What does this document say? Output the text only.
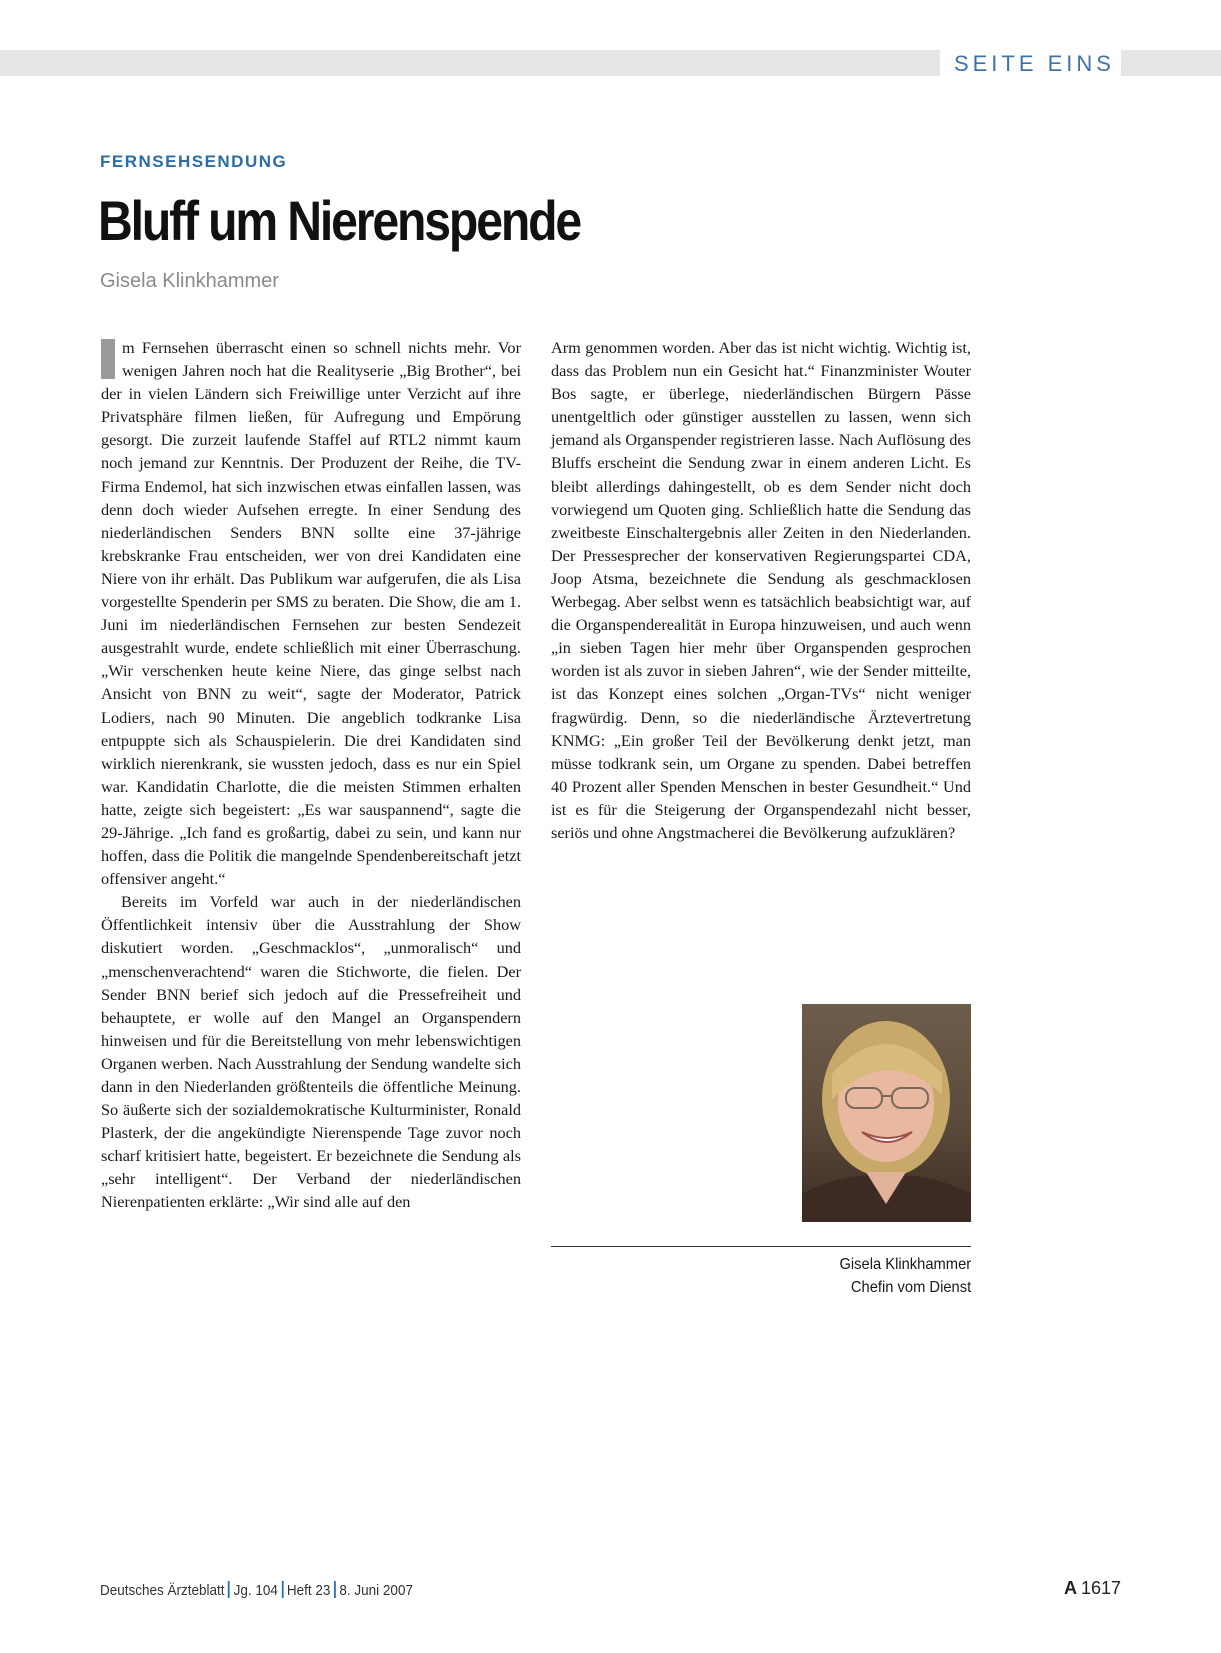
SEITE EINS
FERNSEHSENDUNG
Bluff um Nierenspende
Gisela Klinkhammer

m Fernsehen überrascht einen so schnell nichts mehr. Vor wenigen Jahren noch hat die Realityserie „Big Brother“, bei der in vielen Ländern sich Freiwillige unter Verzicht auf ihre Privatsphäre filmen ließen, für Aufregung und Empörung gesorgt. Die zurzeit laufende Staffel auf RTL2 nimmt kaum noch jemand zur Kenntnis. Der Produzent der Reihe, die TV-Firma Endemol, hat sich inzwischen etwas einfallen lassen, was denn doch wieder Aufsehen erregte. In einer Sendung des niederländischen Senders BNN sollte eine 37-jährige krebskranke Frau entscheiden, wer von drei Kandidaten eine Niere von ihr erhält. Das Publikum war aufgerufen, die als Lisa vorgestellte Spenderin per SMS zu beraten. Die Show, die am 1. Juni im niederländischen Fernsehen zur besten Sendezeit ausgestrahlt wurde, endete schließlich mit einer Überraschung. „Wir verschenken heute keine Niere, das ginge selbst nach Ansicht von BNN zu weit“, sagte der Moderator, Patrick Lodiers, nach 90 Minuten. Die angeblich todkranke Lisa entpuppte sich als Schauspielerin. Die drei Kandidaten sind wirklich nierenkrank, sie wussten jedoch, dass es nur ein Spiel war. Kandidatin Charlotte, die die meisten Stimmen erhalten hatte, zeigte sich begeistert: „Es war sauspannend“, sagte die 29-Jährige. „Ich fand es großartig, dabei zu sein, und kann nur hoffen, dass die Politik die mangelnde Spendenbereitschaft jetzt offensiver angeht.“

Bereits im Vorfeld war auch in der niederländischen Öffentlichkeit intensiv über die Ausstrahlung der Show diskutiert worden. „Geschmacklos“, „unmoralisch“ und „menschenverachtend“ waren die Stichworte, die fielen. Der Sender BNN berief sich jedoch auf die Pressefreiheit und behauptete, er wolle auf den Mangel an Organspendern hinweisen und für die Bereitstellung von mehr lebenswichtigen Organen werben. Nach Ausstrahlung der Sendung wandelte sich dann in den Niederlanden größtenteils die öffentliche Meinung. So äußerte sich der sozialdemokratische Kulturminister, Ronald Plasterk, der die angekündigte Nierenspende Tage zuvor noch scharf kritisiert hatte, begeistert. Er bezeichnete die Sendung als „sehr intelligent“. Der Verband der niederländischen Nierenpatienten erklärte: „Wir sind alle auf den

Arm genommen worden. Aber das ist nicht wichtig. Wichtig ist, dass das Problem nun ein Gesicht hat.“ Finanzminister Wouter Bos sagte, er überlege, niederländischen Bürgern Pässe unentgeltlich oder günstiger ausstellen zu lassen, wenn sich jemand als Organspender registrieren lasse. Nach Auflösung des Bluffs erscheint die Sendung zwar in einem anderen Licht. Es bleibt allerdings dahingestellt, ob es dem Sender nicht doch vorwiegend um Quoten ging. Schließlich hatte die Sendung das zweitbeste Einschaltergebnis aller Zeiten in den Niederlanden. Der Pressesprecher der konservativen Regierungspartei CDA, Joop Atsma, bezeichnete die Sendung als geschmacklosen Werbegag. Aber selbst wenn es tatsächlich beabsichtigt war, auf die Organspenderealität in Europa hinzuweisen, und auch wenn „in sieben Tagen hier mehr über Organspenden gesprochen worden ist als zuvor in sieben Jahren“, wie der Sender mitteilte, ist das Konzept eines solchen „Organ-TVs“ nicht weniger fragwürdig. Denn, so die niederländische Ärztevertretung KNMG: „Ein großer Teil der Bevölkerung denkt jetzt, man müsse todkrank sein, um Organe zu spenden. Dabei betreffen 40 Prozent aller Spenden Menschen in bester Gesundheit.“ Und ist es für die Steigerung der Organspendezahl nicht besser, seriös und ohne Angstmacherei die Bevölkerung aufzuklären?

Gisela Klinkhammer
Chefin vom Dienst
Deutsches Ärzteblatt Jg. 104 Heft 23 8. Juni 2007	A 1617
